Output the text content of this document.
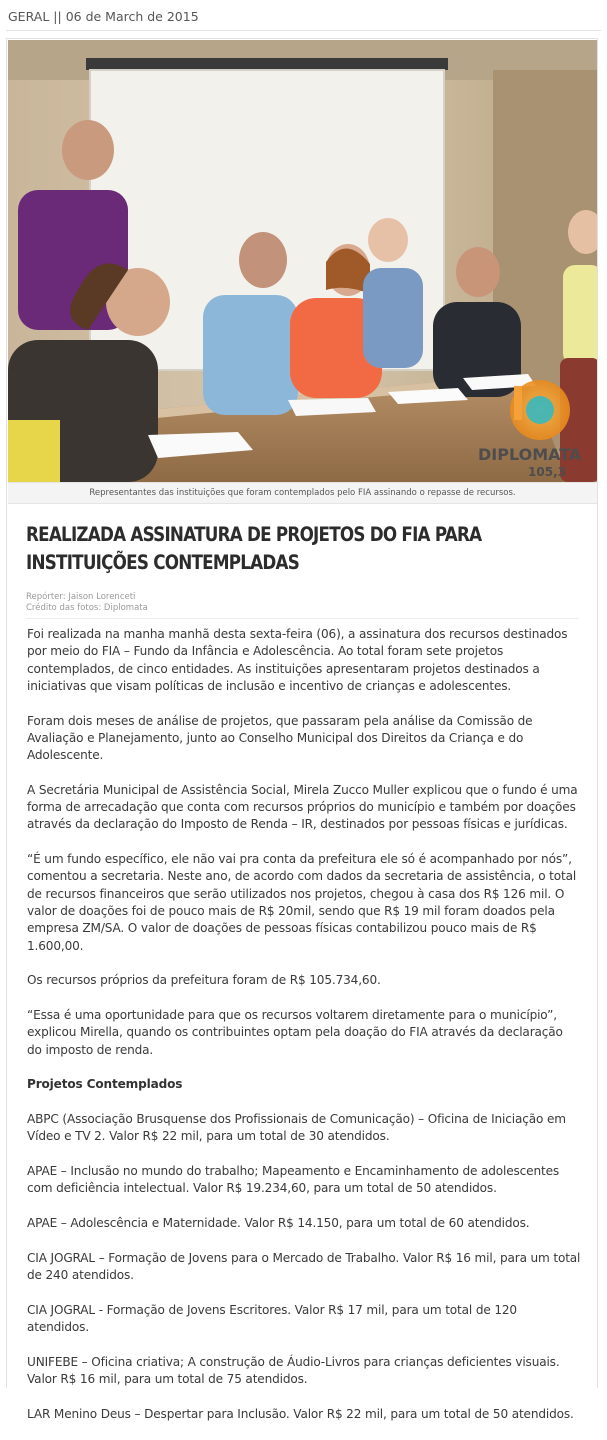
GERAL || 06 de March de 2015
DIPLOMATA
105,3
Representantes das instituições que foram contemplados pelo FIA assinando o repasse de recursos.
REALIZADA ASSINATURA DE PROJETOS DO FIA PARA INSTITUIÇÕES CONTEMPLADAS
Repórter: Jaison Lorenceti
Crédito das fotos: Diplomata

Foi realizada na manha manhã desta sexta-feira (06), a assinatura dos recursos destinados por meio do FIA – Fundo da Infância e Adolescência. Ao total foram sete projetos contemplados, de cinco entidades. As instituições apresentaram projetos destinados a iniciativas que visam políticas de inclusão e incentivo de crianças e adolescentes.

Foram dois meses de análise de projetos, que passaram pela análise da Comissão de Avaliação e Planejamento, junto ao Conselho Municipal dos Direitos da Criança e do Adolescente.

A Secretária Municipal de Assistência Social, Mirela Zucco Muller explicou que o fundo é uma forma de arrecadação que conta com recursos próprios do município e também por doações através da declaração do Imposto de Renda – IR, destinados por pessoas físicas e jurídicas.

“É um fundo específico, ele não vai pra conta da prefeitura ele só é acompanhado por nós”, comentou a secretaria. Neste ano, de acordo com dados da secretaria de assistência, o total de recursos financeiros que serão utilizados nos projetos, chegou à casa dos R$ 126 mil. O valor de doações foi de pouco mais de R$ 20mil, sendo que R$ 19 mil foram doados pela empresa ZM/SA. O valor de doações de pessoas físicas contabilizou pouco mais de R$ 1.600,00.

Os recursos próprios da prefeitura foram de R$ 105.734,60.

“Essa é uma oportunidade para que os recursos voltarem diretamente para o município”, explicou Mirella, quando os contribuintes optam pela doação do FIA através da declaração do imposto de renda.

Projetos Contemplados

ABPC (Associação Brusquense dos Profissionais de Comunicação) – Oficina de Iniciação em Vídeo e TV 2. Valor R$ 22 mil, para um total de 30 atendidos.

APAE – Inclusão no mundo do trabalho; Mapeamento e Encaminhamento de adolescentes com deficiência intelectual. Valor R$ 19.234,60, para um total de 50 atendidos.

APAE – Adolescência e Maternidade. Valor R$ 14.150, para um total de 60 atendidos.

CIA JOGRAL – Formação de Jovens para o Mercado de Trabalho. Valor R$ 16 mil, para um total de 240 atendidos.

CIA JOGRAL - Formação de Jovens Escritores. Valor R$ 17 mil, para um total de 120 atendidos.

UNIFEBE – Oficina criativa; A construção de Áudio-Livros para crianças deficientes visuais. Valor R$ 16 mil, para um total de 75 atendidos.

LAR Menino Deus – Despertar para Inclusão. Valor R$ 22 mil, para um total de 50 atendidos.
